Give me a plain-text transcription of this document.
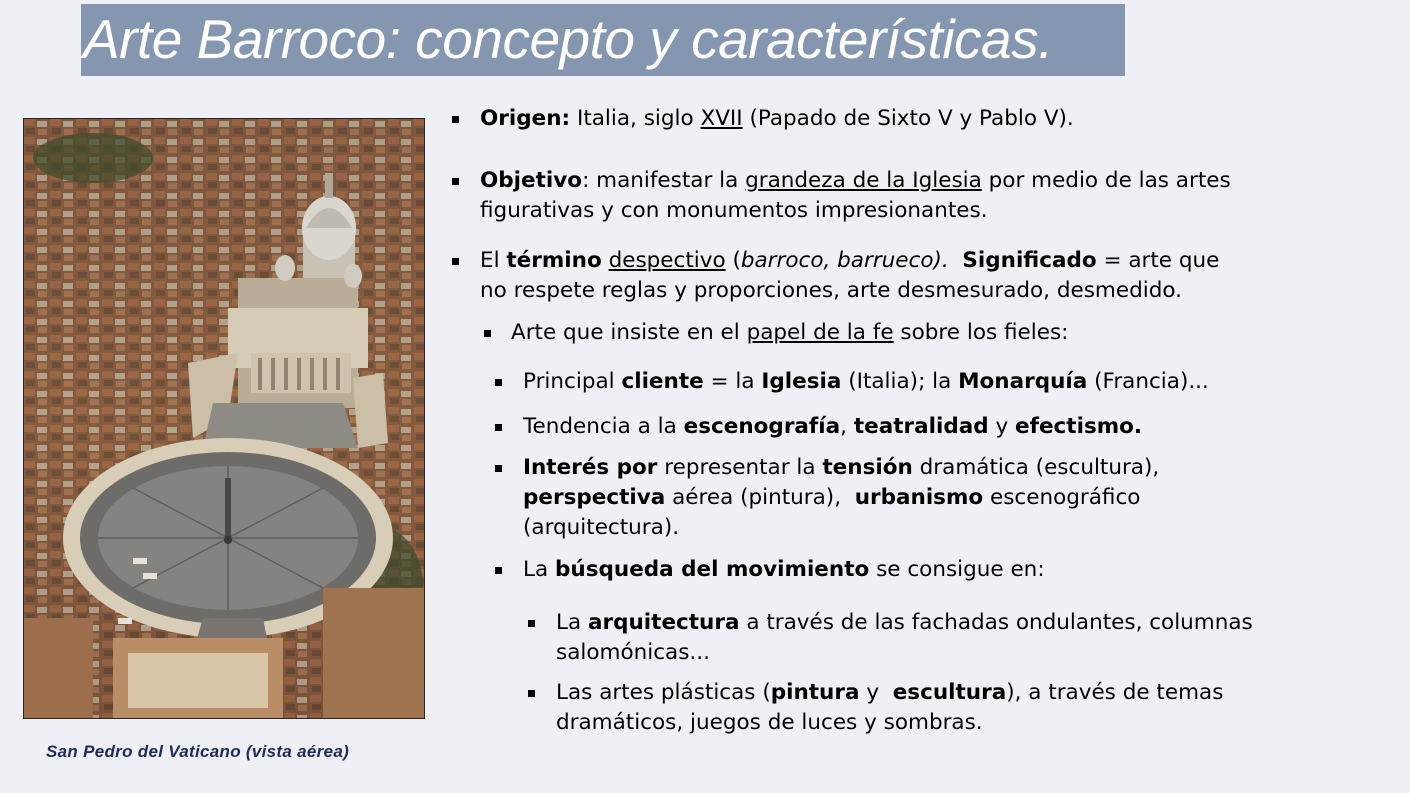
Arte Barroco: concepto y características.
San Pedro del Vaticano (vista aérea)
Origen: Italia, siglo XVII (Papado de Sixto V y Pablo V).
Objetivo: manifestar la grandeza de la Iglesia por medio de las artes
figurativas y con monumentos impresionantes.
El término despectivo (barroco, barrueco). Significado = arte que
no respete reglas y proporciones, arte desmesurado, desmedido.
Arte que insiste en el papel de la fe sobre los fieles:
Principal cliente = la Iglesia (Italia); la Monarquía (Francia)...
Tendencia a la escenografía, teatralidad y efectismo.
Interés por representar la tensión dramática (escultura),
perspectiva aérea (pintura),  urbanismo escenográfico
(arquitectura).
La búsqueda del movimiento se consigue en:
La arquitectura a través de las fachadas ondulantes, columnas
salomónicas...
Las artes plásticas (pintura y  escultura), a través de temas
dramáticos, juegos de luces y sombras.
